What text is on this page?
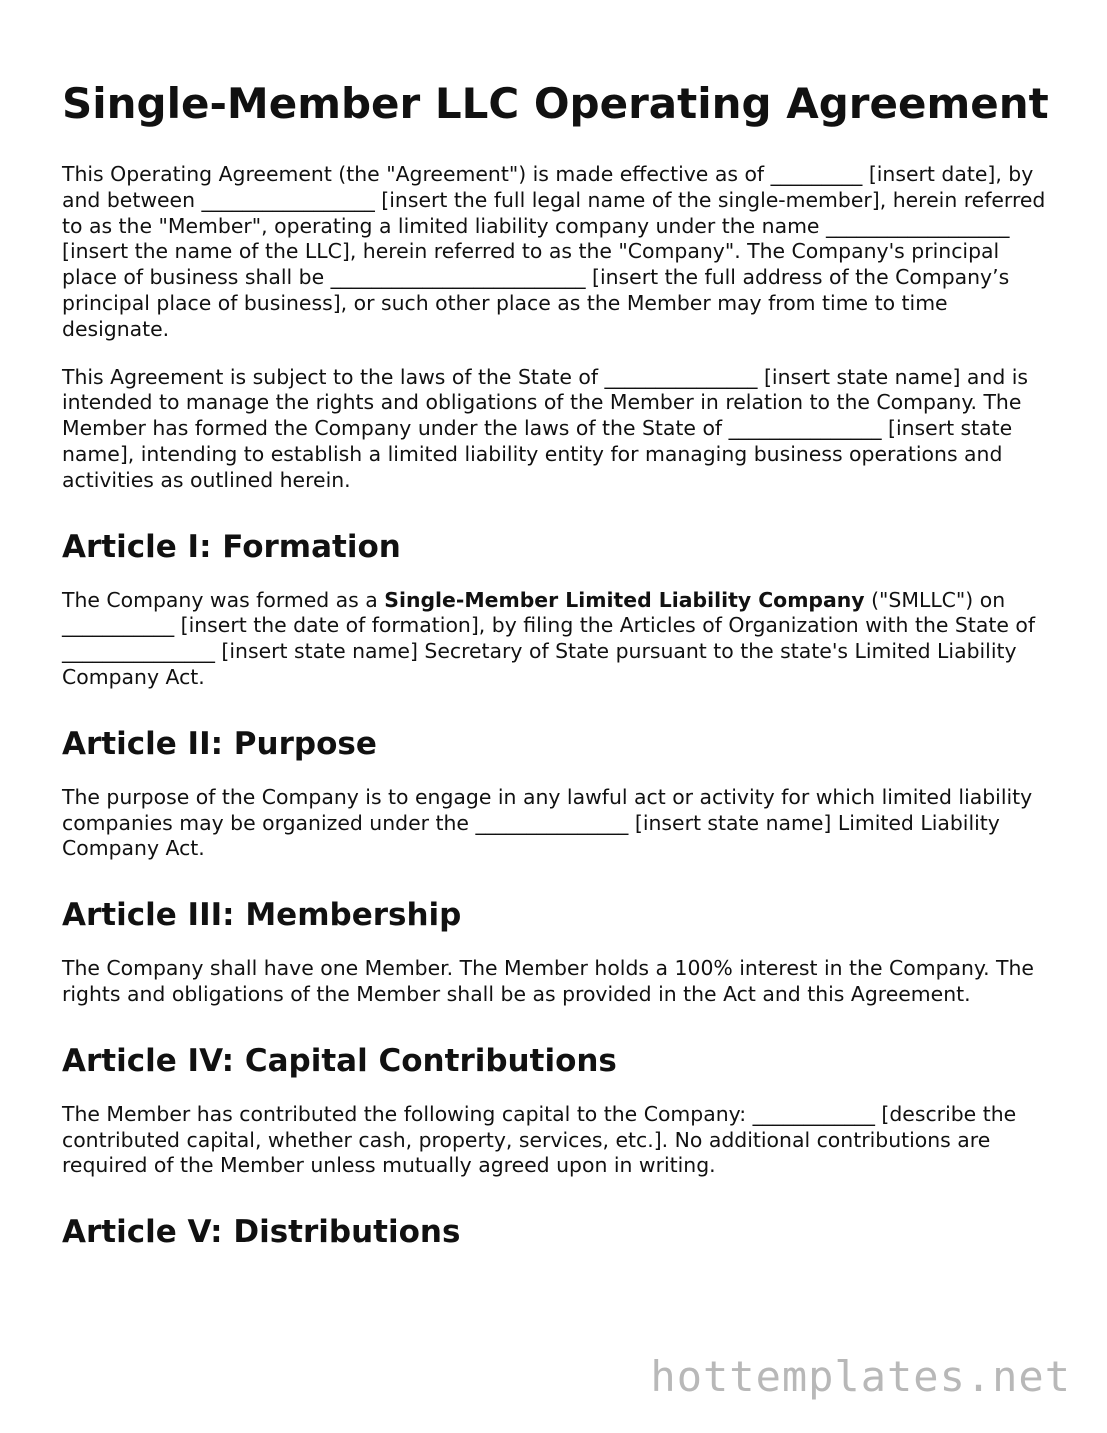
Single-Member LLC Operating Agreement

This Operating Agreement (the "Agreement") is made effective as of _________ [insert date], by and between _________________ [insert the full legal name of the single-member], herein referred to as the "Member", operating a limited liability company under the name __________________ [insert the name of the LLC], herein referred to as the "Company". The Company's principal place of business shall be _________________________ [insert the full address of the Company’s principal place of business], or such other place as the Member may from time to time designate.

This Agreement is subject to the laws of the State of _______________ [insert state name] and is intended to manage the rights and obligations of the Member in relation to the Company. The Member has formed the Company under the laws of the State of _______________ [insert state name], intending to establish a limited liability entity for managing business operations and activities as outlined herein.

Article I: Formation

The Company was formed as a Single-Member Limited Liability Company ("SMLLC") on ___________ [insert the date of formation], by filing the Articles of Organization with the State of _______________ [insert state name] Secretary of State pursuant to the state's Limited Liability Company Act.

Article II: Purpose

The purpose of the Company is to engage in any lawful act or activity for which limited liability companies may be organized under the _______________ [insert state name] Limited Liability Company Act.

Article III: Membership

The Company shall have one Member. The Member holds a 100% interest in the Company. The rights and obligations of the Member shall be as provided in the Act and this Agreement.

Article IV: Capital Contributions

The Member has contributed the following capital to the Company: ____________ [describe the contributed capital, whether cash, property, services, etc.]. No additional contributions are required of the Member unless mutually agreed upon in writing.

Article V: Distributions
hottemplates.net
